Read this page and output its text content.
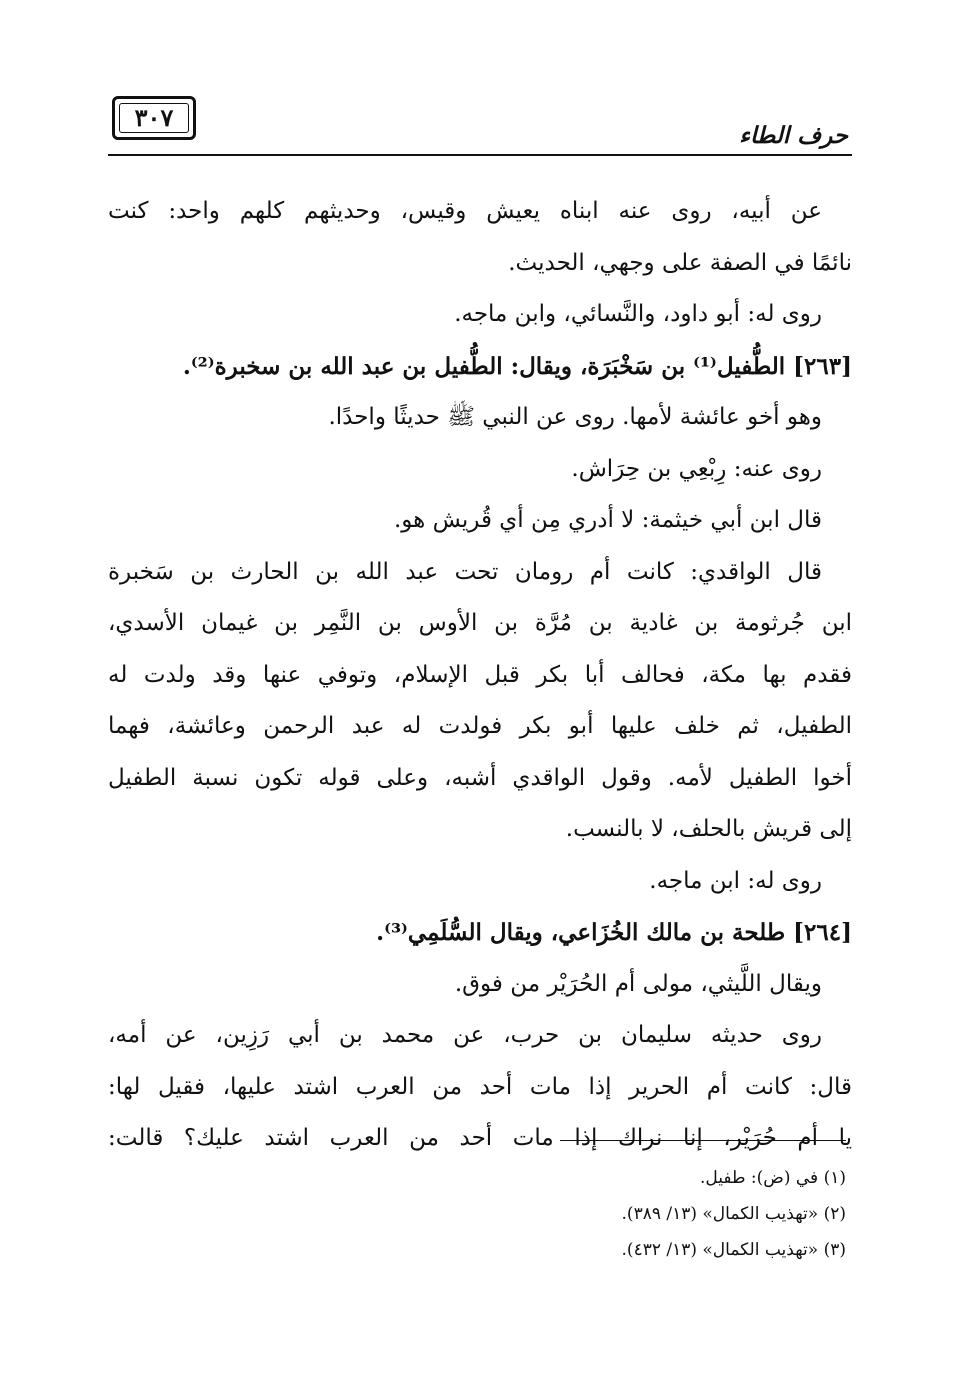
حرف الطاء
٣٠٧
عن أبيه، روى عنه ابناه يعيش وقيس، وحديثهم كلهم واحد: كنت
نائمًا في الصفة على وجهي، الحديث.
روى له: أبو داود، والنَّسائي، وابن ماجه.
[٢٦٣] الطُّفيل⁽¹⁾ بن سَخْبَرَة، ويقال: الطُّفيل بن عبد الله بن سخبرة⁽²⁾.
وهو أخو عائشة لأمها. روى عن النبي ﷺ حديثًا واحدًا.
روى عنه: رِبْعِي بن حِرَاش.
قال ابن أبي خيثمة: لا أدري مِن أي قُريش هو.
قال الواقدي: كانت أم رومان تحت عبد الله بن الحارث بن سَخبرة
ابن جُرثومة بن غادية بن مُرَّة بن الأوس بن النَّمِر بن غيمان الأسدي،
فقدم بها مكة، فحالف أبا بكر قبل الإسلام، وتوفي عنها وقد ولدت له
الطفيل، ثم خلف عليها أبو بكر فولدت له عبد الرحمن وعائشة، فهما
أخوا الطفيل لأمه. وقول الواقدي أشبه، وعلى قوله تكون نسبة الطفيل
إلى قريش بالحلف، لا بالنسب.
روى له: ابن ماجه.
[٢٦٤] طلحة بن مالك الخُزَاعي، ويقال السُّلَمِي⁽³⁾.
ويقال اللَّيثي، مولى أم الحُرَيْر من فوق.
روى حديثه سليمان بن حرب، عن محمد بن أبي رَزِين، عن أمه،
قال: كانت أم الحرير إذا مات أحد من العرب اشتد عليها، فقيل لها:
يا أم حُرَيْر، إنا نراك إذا مات أحد من العرب اشتد عليك؟ قالت:
(١) في (ض): طفيل.
(٢) «تهذيب الكمال» (١٣/ ٣٨٩).
(٣) «تهذيب الكمال» (١٣/ ٤٣٢).
